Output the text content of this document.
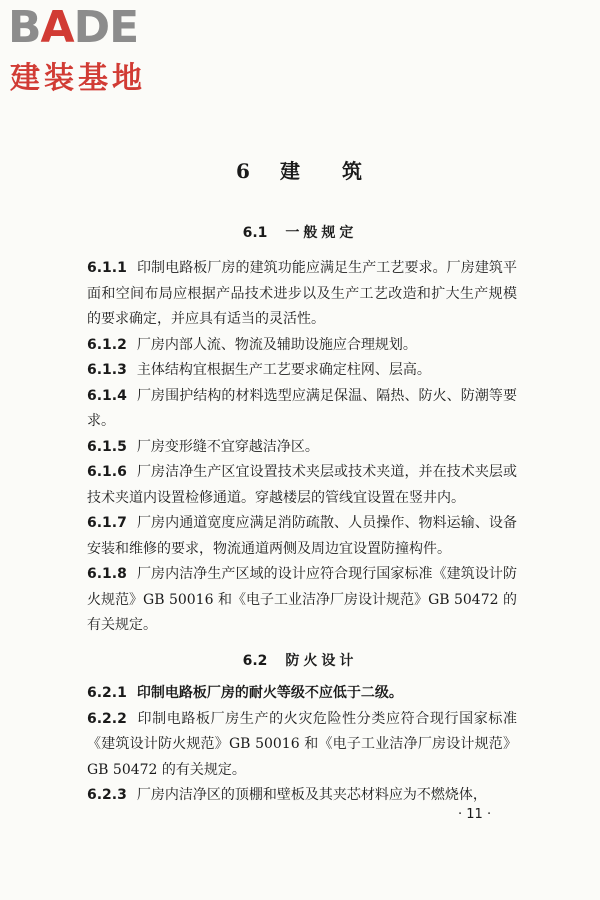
BADE
建装基地
6 建 筑
6.1 一般规定

6.1.1 印制电路板厂房的建筑功能应满足生产工艺要求。厂房建筑平面和空间布局应根据产品技术进步以及生产工艺改造和扩大生产规模的要求确定，并应具有适当的灵活性。

6.1.2 厂房内部人流、物流及辅助设施应合理规划。

6.1.3 主体结构宜根据生产工艺要求确定柱网、层高。

6.1.4 厂房围护结构的材料选型应满足保温、隔热、防火、防潮等要求。

6.1.5 厂房变形缝不宜穿越洁净区。

6.1.6 厂房洁净生产区宜设置技术夹层或技术夹道，并在技术夹层或技术夹道内设置检修通道。穿越楼层的管线宜设置在竖井内。

6.1.7 厂房内通道宽度应满足消防疏散、人员操作、物料运输、设备安装和维修的要求，物流通道两侧及周边宜设置防撞构件。

6.1.8 厂房内洁净生产区域的设计应符合现行国家标准《建筑设计防火规范》GB 50016 和《电子工业洁净厂房设计规范》GB 50472 的有关规定。

6.2 防火设计

6.2.1 印制电路板厂房的耐火等级不应低于二级。

6.2.2 印制电路板厂房生产的火灾危险性分类应符合现行国家标准《建筑设计防火规范》GB 50016 和《电子工业洁净厂房设计规范》GB 50472 的有关规定。

6.2.3 厂房内洁净区的顶棚和壁板及其夹芯材料应为不燃烧体，

· 11 ·
